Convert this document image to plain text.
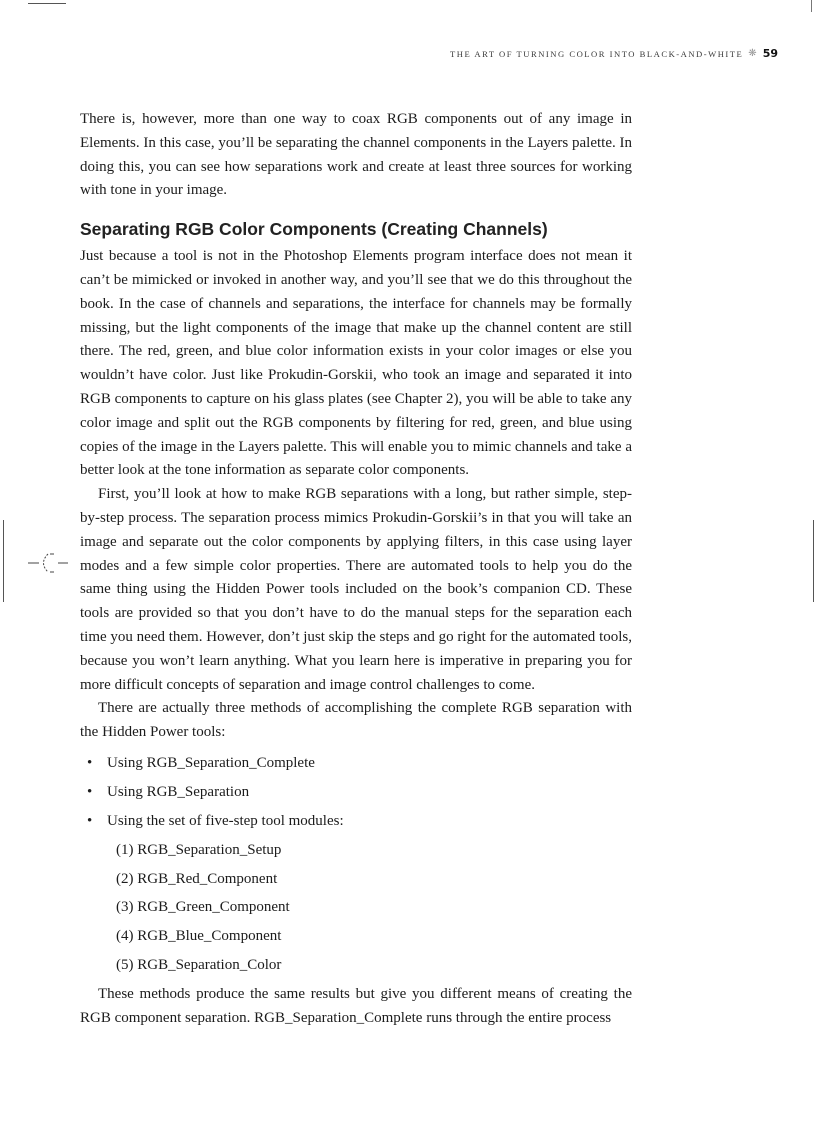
THE ART OF TURNING COLOR INTO BLACK-AND-WHITE ❋ 59

There is, however, more than one way to coax RGB components out of any image in Elements. In this case, you’ll be separating the channel components in the Layers palette. In doing this, you can see how separations work and create at least three sources for working with tone in your image.

Separating RGB Color Components (Creating Channels)

Just because a tool is not in the Photoshop Elements program interface does not mean it can’t be mimicked or invoked in another way, and you’ll see that we do this throughout the book. In the case of channels and separations, the interface for channels may be formally missing, but the light components of the image that make up the channel content are still there. The red, green, and blue color information exists in your color images or else you wouldn’t have color. Just like Prokudin-Gorskii, who took an image and separated it into RGB components to capture on his glass plates (see Chapter 2), you will be able to take any color image and split out the RGB components by filtering for red, green, and blue using copies of the image in the Layers palette. This will enable you to mimic channels and take a better look at the tone information as separate color components.

First, you’ll look at how to make RGB separations with a long, but rather simple, step-by-step process. The separation process mimics Prokudin-Gorskii’s in that you will take an image and separate out the color components by applying filters, in this case using layer modes and a few simple color properties. There are automated tools to help you do the same thing using the Hidden Power tools included on the book’s companion CD. These tools are provided so that you don’t have to do the manual steps for the separation each time you need them. However, don’t just skip the steps and go right for the automated tools, because you won’t learn anything. What you learn here is imperative in preparing you for more difficult concepts of separation and image control challenges to come.

There are actually three methods of accomplishing the complete RGB separation with the Hidden Power tools:

• Using RGB_Separation_Complete
• Using RGB_Separation
• Using the set of five-step tool modules:
(1) RGB_Separation_Setup
(2) RGB_Red_Component
(3) RGB_Green_Component
(4) RGB_Blue_Component
(5) RGB_Separation_Color

These methods produce the same results but give you different means of creating the RGB component separation. RGB_Separation_Complete runs through the entire process
